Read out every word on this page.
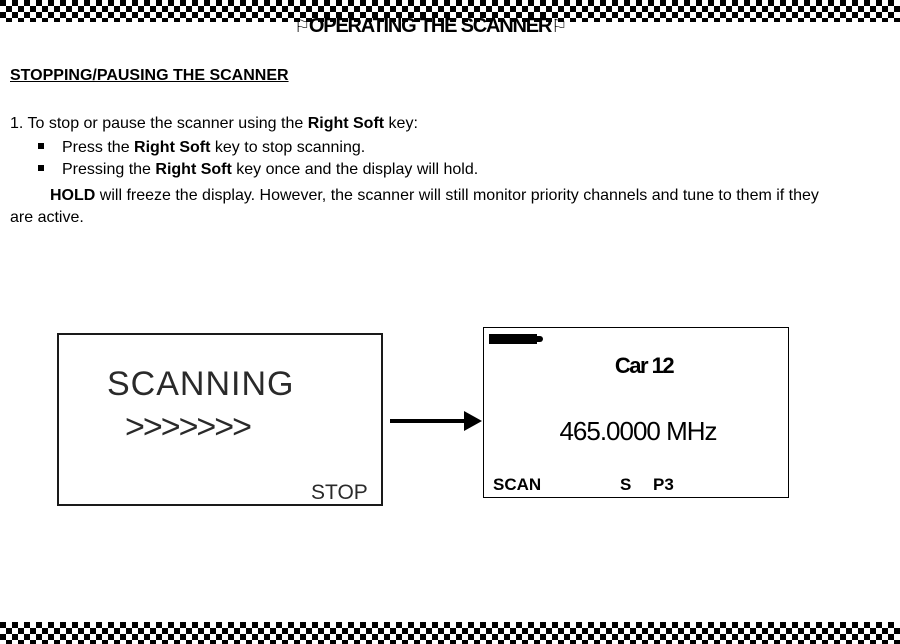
⚐OPERATING THE SCANNER⚐
STOPPING/PAUSING THE SCANNER
1. To stop or pause the scanner using the Right Soft key:
Press the Right Soft key to stop scanning.
Pressing the Right Soft key once and the display will hold.
HOLD will freeze the display. However, the scanner will still monitor priority channels and tune to them if they are active.
SCANNING
>>>>>>>
STOP
Car 12
465.0000 MHz
SCAN	S P3
